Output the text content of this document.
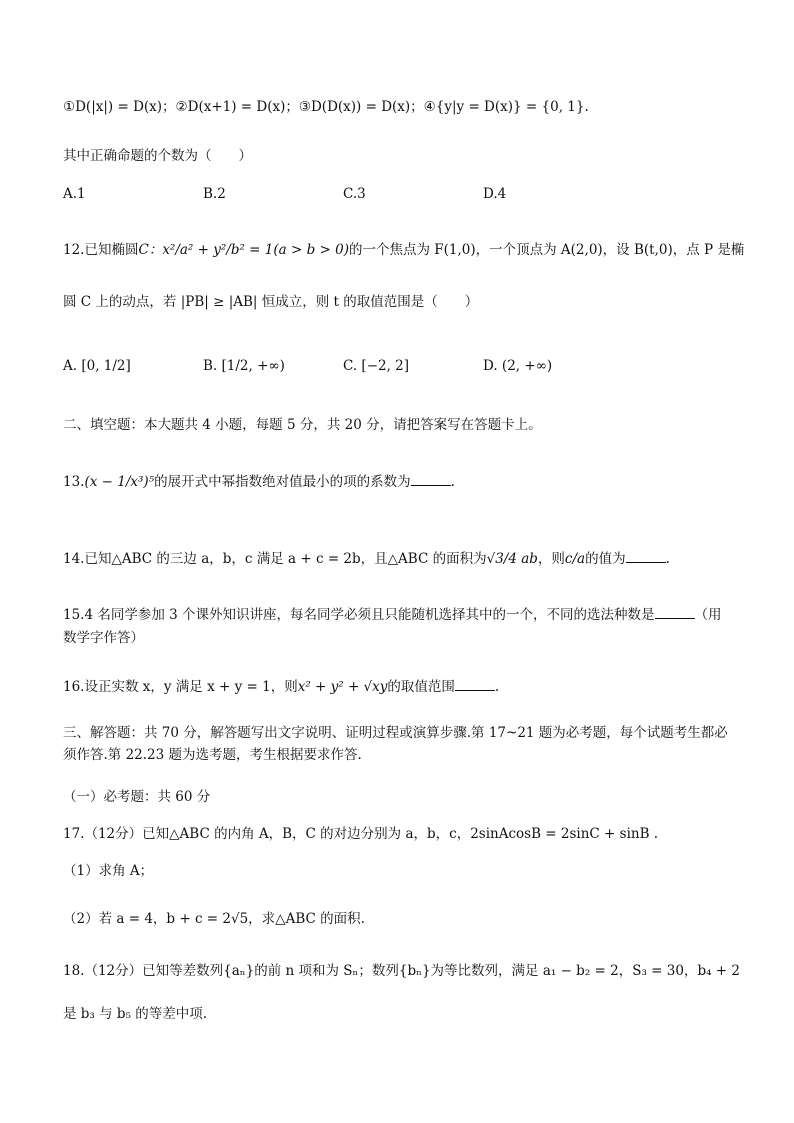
①D(|x|) = D(x)；②D(x+1) = D(x)；③D(D(x)) = D(x)；④{y|y = D(x)} = {0, 1}.
其中正确命题的个数为（　　）
A.1	B.2	C.3	D.4
12.已知椭圆C：x²/a² + y²/b² = 1(a > b > 0)的一个焦点为 F(1,0)，一个顶点为 A(2,0)，设 B(t,0)，点 P 是椭
圆 C 上的动点，若 |PB| ≥ |AB| 恒成立，则 t 的取值范围是（　　）
A. [0, 1/2]	B. [1/2, +∞)	C. [−2, 2]	D. (2, +∞)
二、填空题：本大题共 4 小题，每题 5 分，共 20 分，请把答案写在答题卡上。
13.(x − 1/x³)⁵的展开式中幂指数绝对值最小的项的系数为	.
14.已知△ABC 的三边 a，b，c 满足 a + c = 2b，且△ABC 的面积为√3/4 ab，则c/a的值为	.
15.4 名同学参加 3 个课外知识讲座，每名同学必须且只能随机选择其中的一个，不同的选法种数是	（用
数学字作答）
16.设正实数 x，y 满足 x + y = 1，则x² + y² + √xy的取值范围	.
三、解答题：共 70 分，解答题写出文字说明、证明过程或演算步骤.第 17~21 题为必考题，每个试题考生都必须作答.第 22.23 题为选考题，考生根据要求作答.
（一）必考题：共 60 分
17.（12分）已知△ABC 的内角 A，B，C 的对边分别为 a，b，c，2sinAcosB = 2sinC + sinB .
（1）求角 A；
（2）若 a = 4，b + c = 2√5，求△ABC 的面积.
18.（12分）已知等差数列{aₙ}的前 n 项和为 Sₙ；数列{bₙ}为等比数列，满足 a₁ − b₂ = 2，S₃ = 30，b₄ + 2
是 b₃ 与 b₅ 的等差中项.
